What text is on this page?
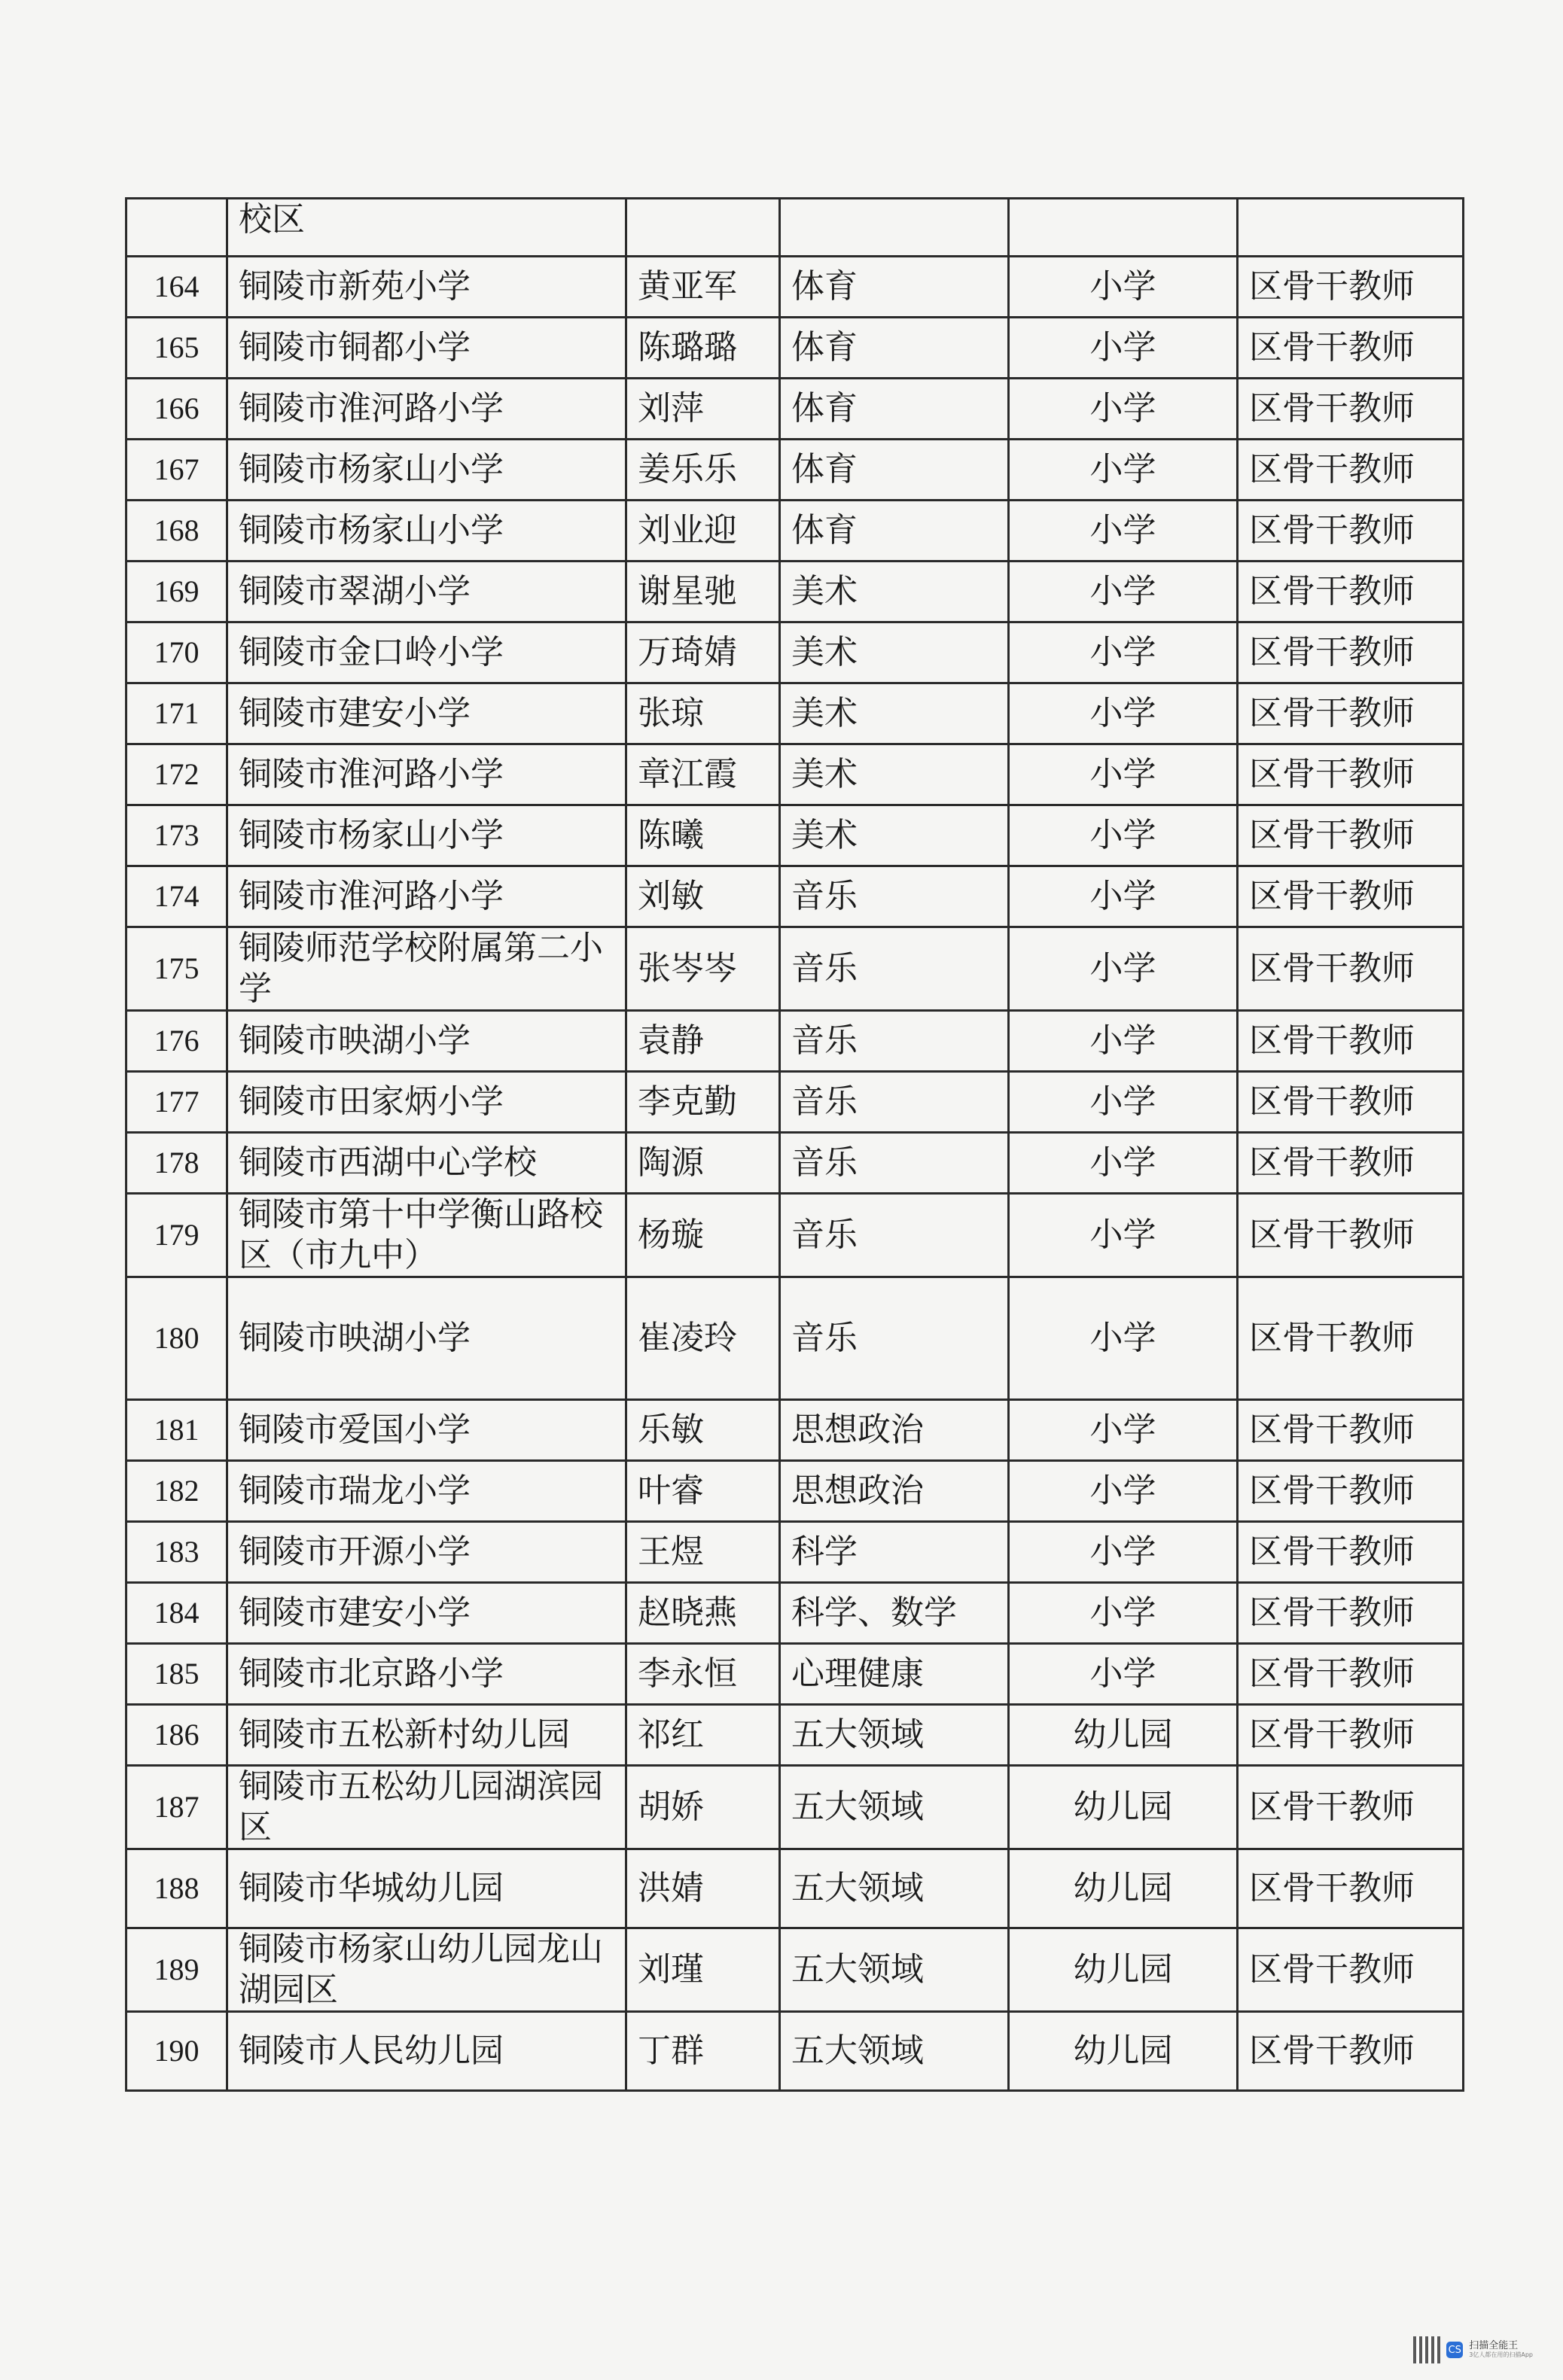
	校区				
164	铜陵市新苑小学	黄亚军	体育	小学	区骨干教师
165	铜陵市铜都小学	陈璐璐	体育	小学	区骨干教师
166	铜陵市淮河路小学	刘萍	体育	小学	区骨干教师
167	铜陵市杨家山小学	姜乐乐	体育	小学	区骨干教师
168	铜陵市杨家山小学	刘业迎	体育	小学	区骨干教师
169	铜陵市翠湖小学	谢星驰	美术	小学	区骨干教师
170	铜陵市金口岭小学	万琦婧	美术	小学	区骨干教师
171	铜陵市建安小学	张琼	美术	小学	区骨干教师
172	铜陵市淮河路小学	章江霞	美术	小学	区骨干教师
173	铜陵市杨家山小学	陈曦	美术	小学	区骨干教师
174	铜陵市淮河路小学	刘敏	音乐	小学	区骨干教师
175	铜陵师范学校附属第二小学	张岑岑	音乐	小学	区骨干教师
176	铜陵市映湖小学	袁静	音乐	小学	区骨干教师
177	铜陵市田家炳小学	李克勤	音乐	小学	区骨干教师
178	铜陵市西湖中心学校	陶源	音乐	小学	区骨干教师
179	铜陵市第十中学衡山路校区（市九中）	杨璇	音乐	小学	区骨干教师
180	铜陵市映湖小学	崔凌玲	音乐	小学	区骨干教师
181	铜陵市爱国小学	乐敏	思想政治	小学	区骨干教师
182	铜陵市瑞龙小学	叶睿	思想政治	小学	区骨干教师
183	铜陵市开源小学	王煜	科学	小学	区骨干教师
184	铜陵市建安小学	赵晓燕	科学、数学	小学	区骨干教师
185	铜陵市北京路小学	李永恒	心理健康	小学	区骨干教师
186	铜陵市五松新村幼儿园	祁红	五大领域	幼儿园	区骨干教师
187	铜陵市五松幼儿园湖滨园区	胡娇	五大领域	幼儿园	区骨干教师
188	铜陵市华城幼儿园	洪婧	五大领域	幼儿园	区骨干教师
189	铜陵市杨家山幼儿园龙山湖园区	刘瑾	五大领域	幼儿园	区骨干教师
190	铜陵市人民幼儿园	丁群	五大领域	幼儿园	区骨干教师
CS 扫描全能王
3亿人都在用的扫描App
